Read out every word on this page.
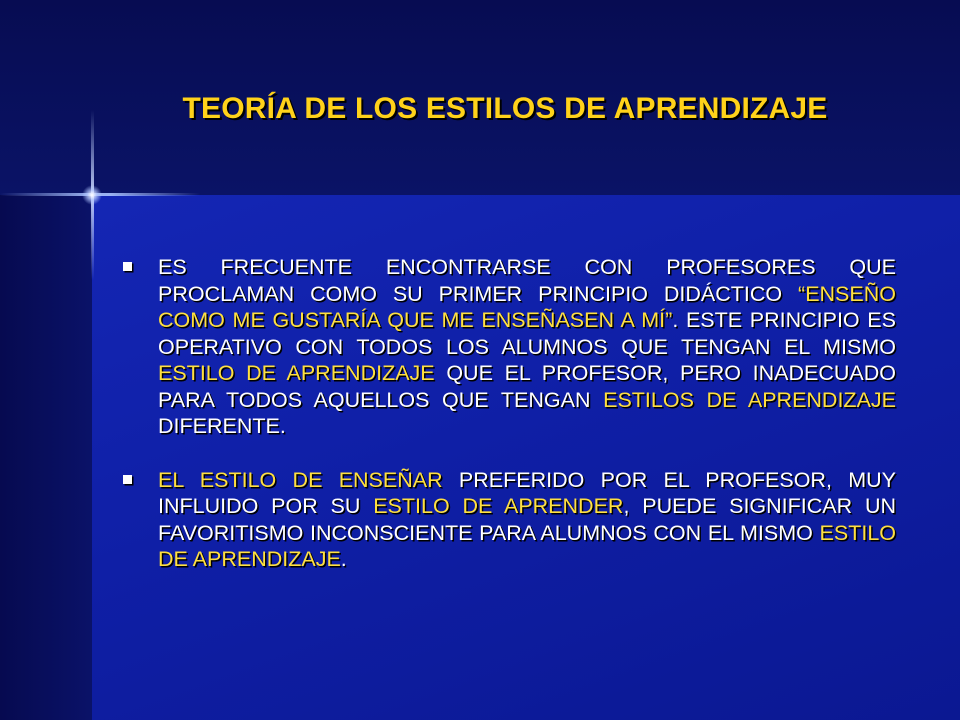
TEORÍA DE LOS ESTILOS DE APRENDIZAJE
ES FRECUENTE ENCONTRARSE CON PROFESORES QUE PROCLAMAN COMO SU PRIMER PRINCIPIO DIDÁCTICO “ENSEÑO COMO ME GUSTARÍA QUE ME ENSEÑASEN A MÍ”. ESTE PRINCIPIO ES OPERATIVO CON TODOS LOS ALUMNOS QUE TENGAN EL MISMO ESTILO DE APRENDIZAJE QUE EL PROFESOR, PERO INADECUADO PARA TODOS AQUELLOS QUE TENGAN ESTILOS DE APRENDIZAJE DIFERENTE.
EL ESTILO DE ENSEÑAR PREFERIDO POR EL PROFESOR, MUY INFLUIDO POR SU ESTILO DE APRENDER, PUEDE SIGNIFICAR UN FAVORITISMO INCONSCIENTE PARA ALUMNOS CON EL MISMO ESTILO DE APRENDIZAJE.
